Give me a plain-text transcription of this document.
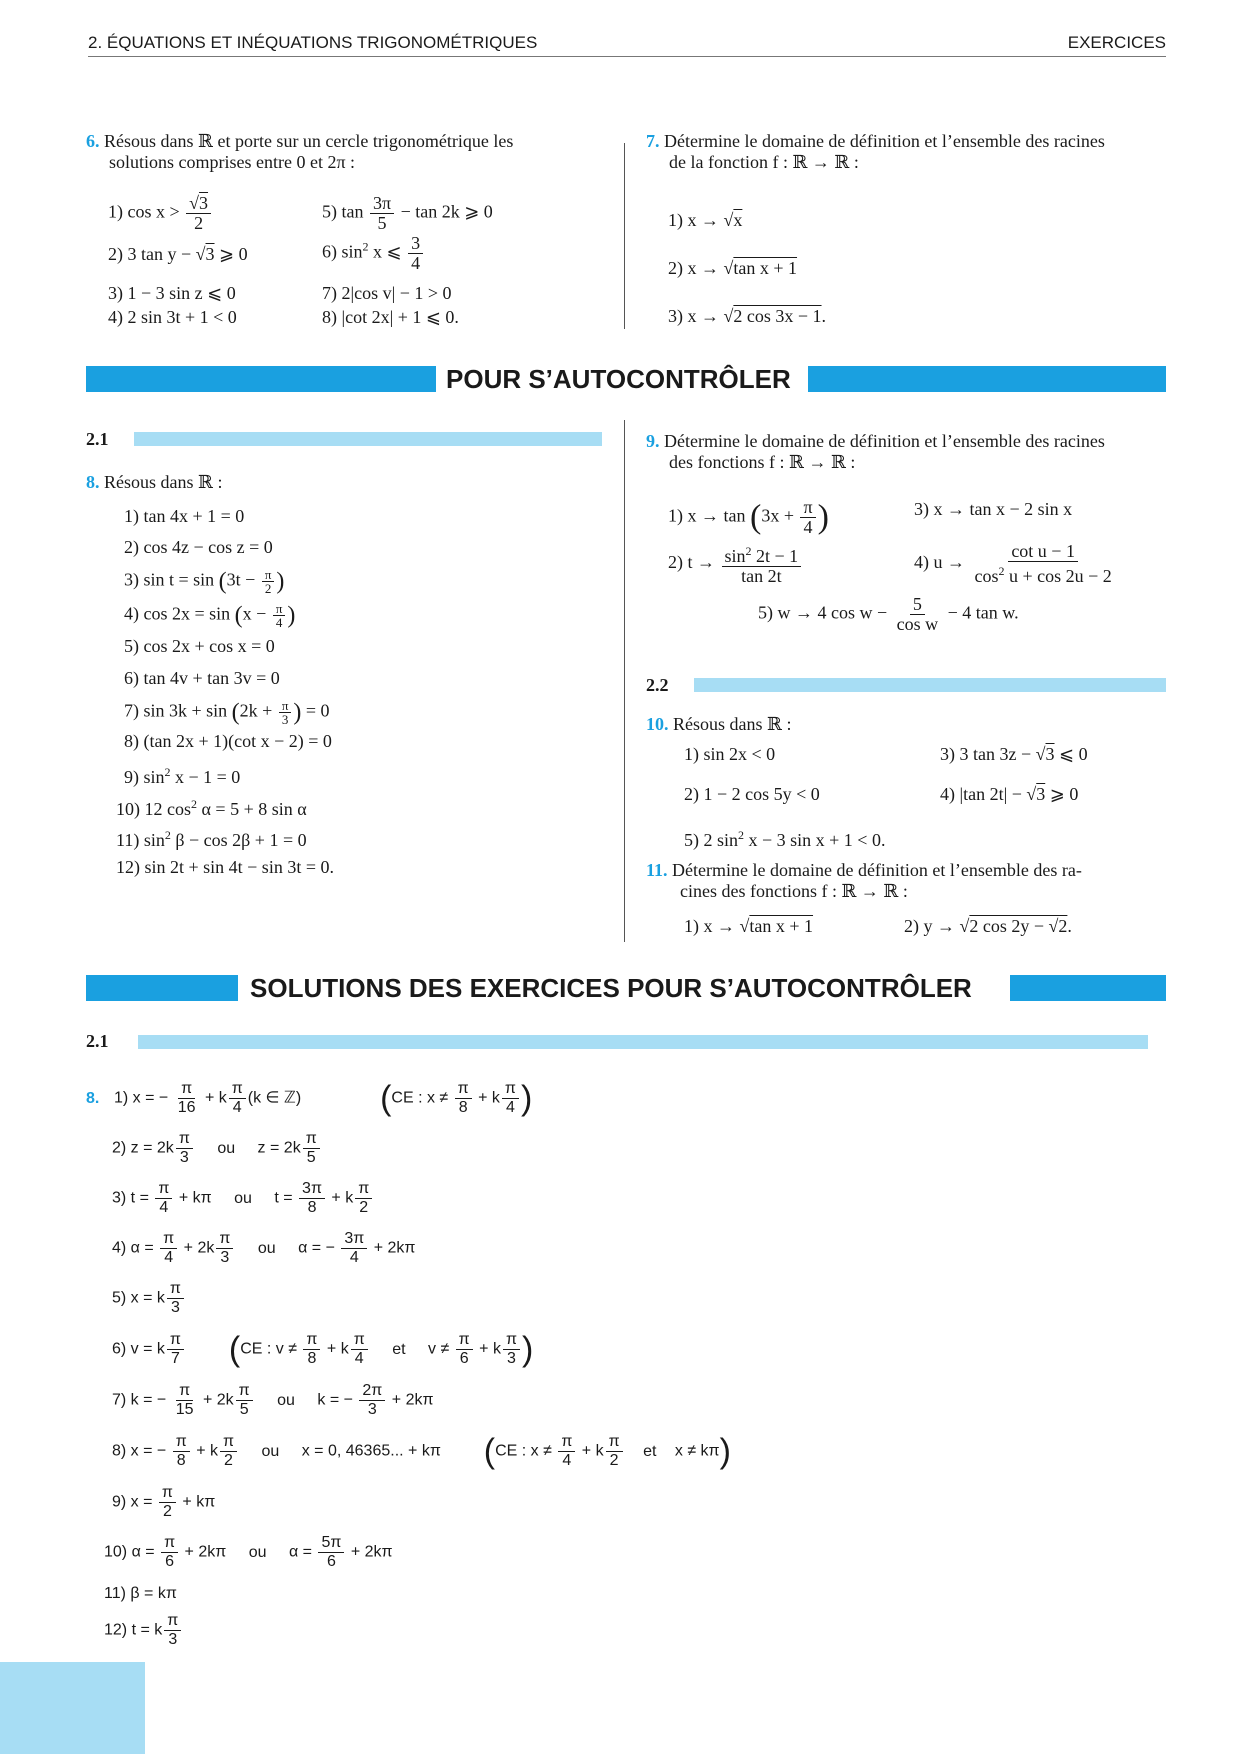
2. ÉQUATIONS ET INÉQUATIONS TRIGONOMÉTRIQUES	EXERCICES
6. Résous dans ℝ et porte sur un cercle trigonométrique les
solutions comprises entre 0 et 2π :
1) $\cos x > \frac{√3}{2}$	5) $\tan \frac{3\pi}{5} - \tan 2k$ ⩾ 0
2) 3 tan y − √3 ⩾ 0	6) $\sin^2 x$ ⩽ $\frac{3}{4}$
3) 1 − 3 sin z ⩽ 0	7) 2|cos v| − 1 > 0
4) 2 sin 3t + 1 < 0	8) |cot 2x| + 1 ⩽ 0.
7. Détermine le domaine de définition et l’ensemble des racines
de la fonction f : ℝ → ℝ :
1) x → √x
2) x → √tan x + 1
3) x → √2 cos 3x − 1.
POUR S’AUTOCONTRÔLER
2.1
8. Résous dans ℝ :
1) tan 4x + 1 = 0
2) cos 4z − cos z = 0
3) $\sin t = \sin (3t - \frac{\pi}{2}$ )
4) $\cos 2x = \sin (x - \frac{\pi}{4}$ )
5) cos 2x + cos x = 0
6) tan 4v + tan 3v = 0
7) $\sin 3k + \sin (2k + \frac{\pi}{3}$ ) = 0
8) (tan 2x + 1)(cot x − 2) = 0
9) $\sin^2 x - 1 = 0$
10) 12 $\cos^2 \alpha = 5 + 8$ sin α
11) $\sin^2 \beta - \cos 2\beta + 1 = 0$
12) sin 2t + sin 4t − sin 3t = 0.
9. Détermine le domaine de définition et l’ensemble des racines
des fonctions f : ℝ → ℝ :
1) $x \to \tan (3x + \frac{\pi}{4}$ )	3) x → tan x − 2 sin x
2) $t \to \frac{\sin^2 2t - 1}{\tan 2t}$	4) $u \to \frac{\text{cot u − 1}}{\cos^2 u + \cos 2u - 2}$
5) w → 4 $\cos w - \frac{5}{\text{cos w}} - 4$ tan w.
2.2
10. Résous dans ℝ :
1) sin 2x < 0	3) 3 tan 3z − √3 ⩽ 0
2) 1 − 2 cos 5y < 0	4) |tan 2t| − √3 ⩾ 0
5) 2 $\sin^2 x - 3$ sin x + 1 < 0.
11. Détermine le domaine de définition et l’ensemble des ra-
cines des fonctions f : ℝ → ℝ :
1) x → √tan x + 1	2) y → √2 cos 2y − √2.
SOLUTIONS DES EXERCICES POUR S’AUTOCONTRÔLER
2.1
8. 1) x = − $\frac{\pi}{16} + k \frac{\pi}{4} (k$ ∈ ℤ)  (CE : $x \ne \frac{\pi}{8} + k \frac{\pi}{4}$ )
2) $z = 2k \frac{\pi}{3}$ ou $z = 2k \frac{\pi}{5}$
3) $t = \frac{\pi}{4} + k\pi$ ou $t = \frac{3\pi}{8} + k \frac{\pi}{2}$
4) $\alpha = \frac{\pi}{4} + 2k \frac{\pi}{3}$ ou α = − $\frac{3\pi}{4} + 2k\pi$
5) x = k $\frac{\pi}{3}$
6) v = k $\frac{\pi}{7} (CE$ : $v \ne \frac{\pi}{8} + k \frac{\pi}{4}$ et $v \ne \frac{\pi}{6} + k \frac{\pi}{3}$ )
7) k = − $\frac{\pi}{15} + 2k \frac{\pi}{5}$ ou k = − $\frac{2\pi}{3} + 2k\pi$
8) x = − $\frac{\pi}{8} + k \frac{\pi}{2}$ ou x = 0, 46365... + kπ  (CE : $x \ne \frac{\pi}{4} + k \frac{\pi}{2}$ et x ≠ kπ)
9) $x = \frac{\pi}{2} + k\pi$
10) $\alpha = \frac{\pi}{6} + 2k\pi$ ou $\alpha = \frac{5\pi}{6} + 2k\pi$
11) β = kπ
12) t = k $\frac{\pi}{3}$
